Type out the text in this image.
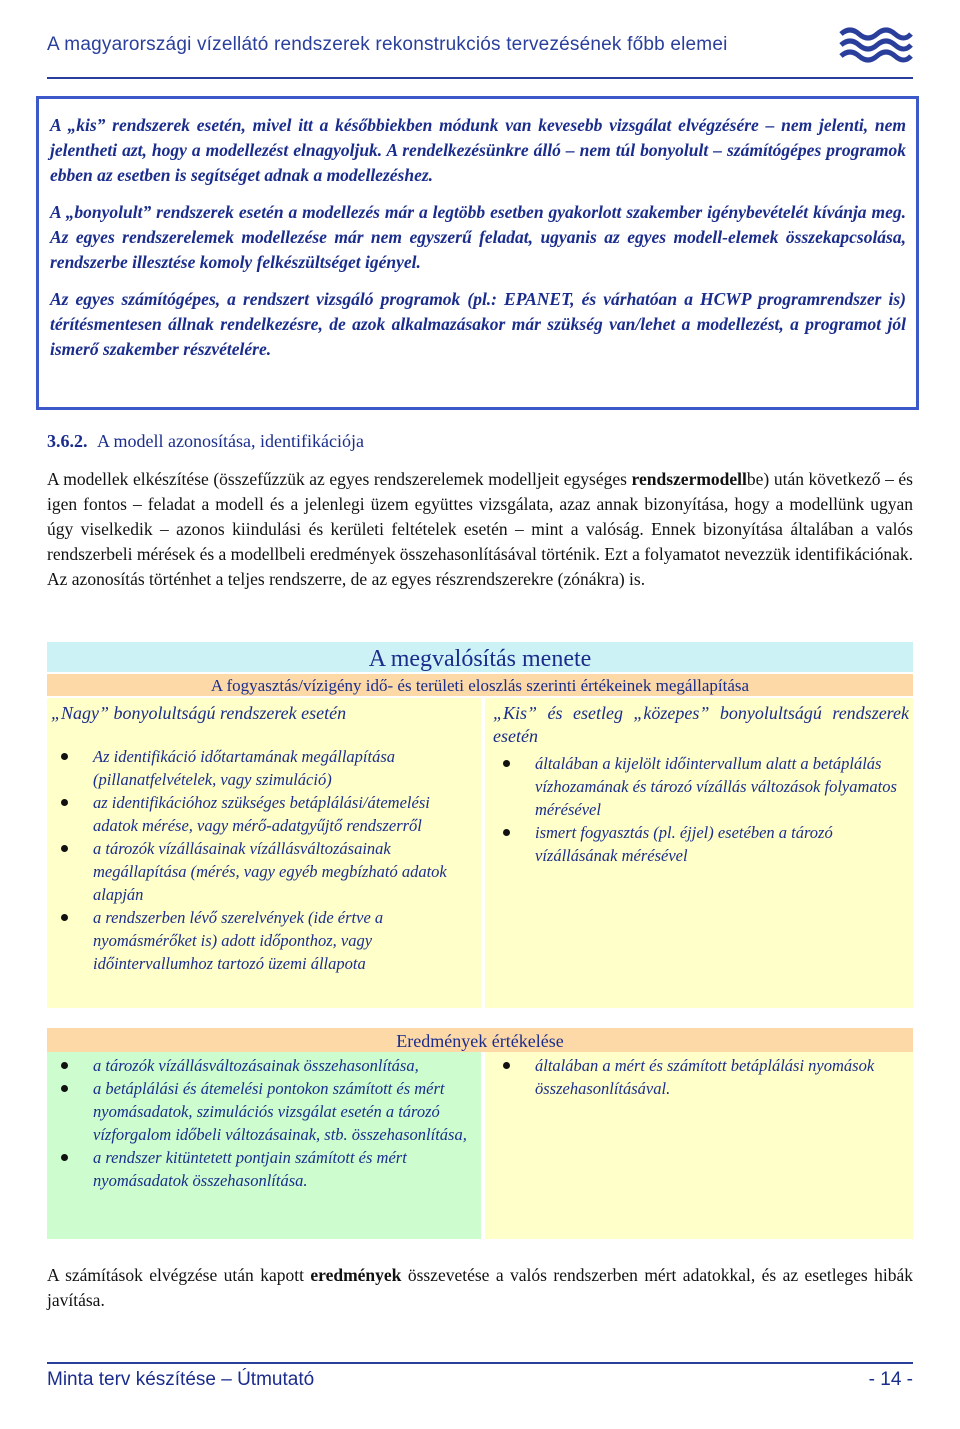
A magyarországi vízellátó rendszerek rekonstrukciós tervezésének főbb elemei

A „kis” rendszerek esetén, mivel itt a későbbiekben módunk van kevesebb vizsgálat elvégzésére – nem jelenti, nem jelentheti azt, hogy a modellezést elnagyoljuk. A rendelkezésünkre álló – nem túl bonyolult – számítógépes programok ebben az esetben is segítséget adnak a modellezéshez.

A „bonyolult” rendszerek esetén a modellezés már a legtöbb esetben gyakorlott szakember igénybevételét kívánja meg. Az egyes rendszerelemek modellezése már nem egyszerű feladat, ugyanis az egyes modell-elemek összekapcsolása, rendszerbe illesztése komoly felkészültséget igényel.

Az egyes számítógépes, a rendszert vizsgáló programok (pl.: EPANET, és várhatóan a HCWP programrendszer is) térítésmentesen állnak rendelkezésre, de azok alkalmazásakor már szükség van/lehet a modellezést, a programot jól ismerő szakember részvételére.

3.6.2. A modell azonosítása, identifikációja

A modellek elkészítése (összefűzzük az egyes rendszerelemek modelljeit egységes rendszermodellbe) után következő – és igen fontos – feladat a modell és a jelenlegi üzem együttes vizsgálata, azaz annak bizonyítása, hogy a modellünk ugyan úgy viselkedik – azonos kiindulási és kerületi feltételek esetén – mint a valóság. Ennek bizonyítása általában a valós rendszerbeli mérések és a modellbeli eredmények összehasonlításával történik. Ezt a folyamatot nevezzük identifikációnak. Az azonosítás történhet a teljes rendszerre, de az egyes részrendszerekre (zónákra) is.

A megvalósítás menete
A fogyasztás/vízigény idő- és területi eloszlás szerinti értékeinek megállapítása
„Nagy” bonyolultságú rendszerek esetén
Az identifikáció időtartamának megállapítása (pillanatfelvételek, vagy szimuláció)
az identifikációhoz szükséges betáplálási/átemelési adatok mérése, vagy mérő-adatgyűjtő rendszerről
a tározók vízállásainak vízállásváltozásainak megállapítása (mérés, vagy egyéb megbízható adatok alapján
a rendszerben lévő szerelvények (ide értve a nyomásmérőket is) adott időponthoz, vagy időintervallumhoz tartozó üzemi állapota
„Kis” és esetleg „közepes” bonyolultságú rendszerek esetén
általában a kijelölt időintervallum alatt a betáplálás vízhozamának és tározó vízállás változások folyamatos mérésével
ismert fogyasztás (pl. éjjel) esetében a tározó vízállásának mérésével
Eredmények értékelése
a tározók vízállásváltozásainak összehasonlítása,
a betáplálási és átemelési pontokon számított és mért nyomásadatok, szimulációs vizsgálat esetén a tározó vízforgalom időbeli változásainak, stb. összehasonlítása,
a rendszer kitüntetett pontjain számított és mért nyomásadatok összehasonlítása.
általában a mért és számított betáplálási nyomások összehasonlításával.

A számítások elvégzése után kapott eredmények összevetése a valós rendszerben mért adatokkal, és az esetleges hibák javítása.

Minta terv készítése – Útmutató	- 14 -
